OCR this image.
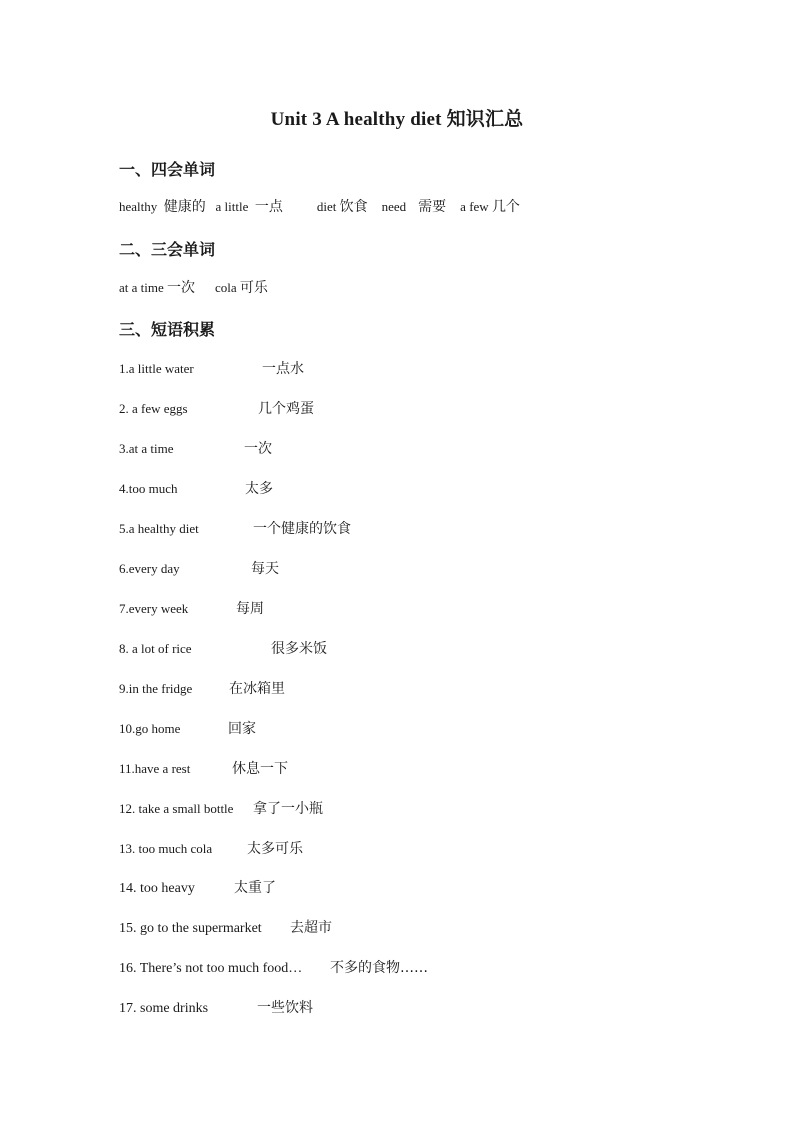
Unit 3 A healthy diet 知识汇总
一、四会单词
healthy 健康的 a little 一点	diet 饮食 need 需要 a few 几个
二、三会单词
at a time 一次 cola 可乐
三、短语积累
1.a little water	一点水
2. a few eggs	几个鸡蛋
3.at a time	一次
4.too much	太多
5.a healthy diet	一个健康的饮食
6.every day	每天
7.every week	每周
8. a lot of rice	很多米饭
9.in the fridge	在冰箱里
10.go home	回家
11.have a rest	休息一下
12. take a small bottle 拿了一小瓶
13. too much cola 太多可乐
14. too heavy	太重了
15. go to the supermarket 去超市
16. There’s not too much food… 不多的食物……
17. some drinks	一些饮料
